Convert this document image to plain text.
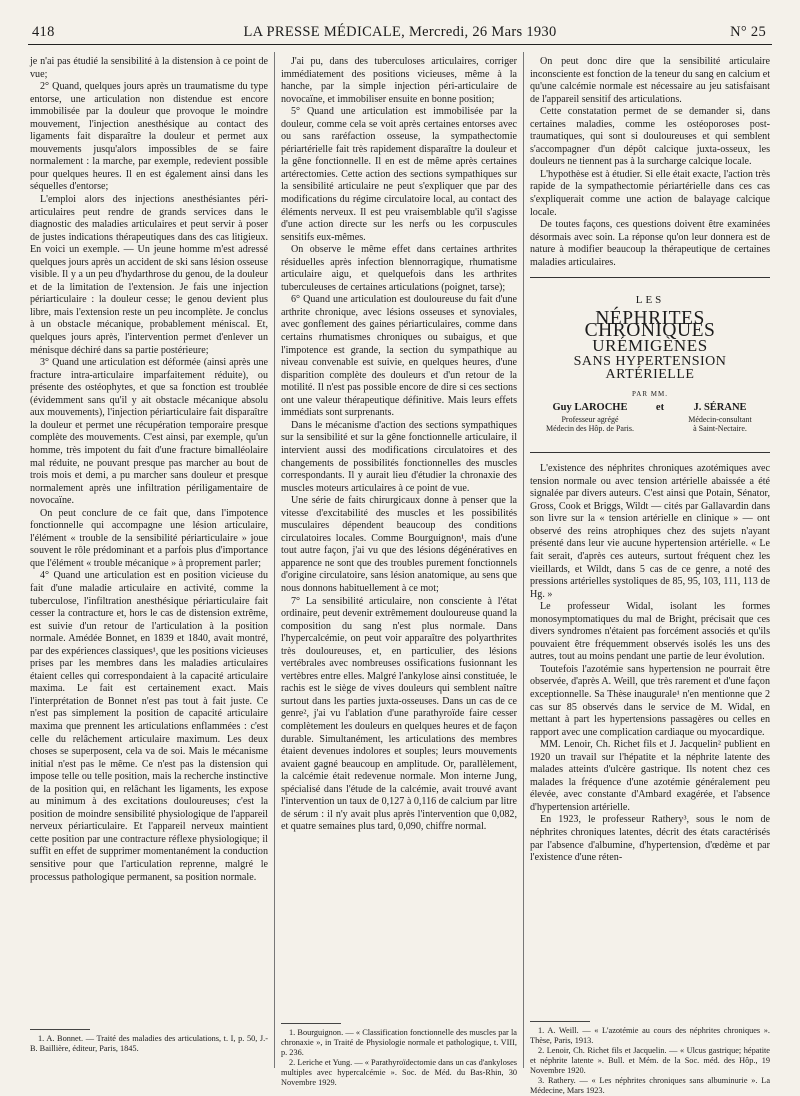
418	LA PRESSE MÉDICALE, Mercredi, 26 Mars 1930	N° 25

je n'ai pas étudié la sensibilité à la distension à ce point de vue;

2° Quand, quelques jours après un traumatisme du type entorse, une articulation non distendue est encore immobilisée par la douleur que provoque le moindre mouvement, l'injection anesthésique au contact des ligaments fait disparaître la douleur et permet aux mouvements jusqu'alors impossibles de se faire normalement : la marche, par exemple, redevient possible pour quelques heures. Il en est également ainsi dans les séquelles d'entorse;

L'emploi alors des injections anesthésiantes péri-articulaires peut rendre de grands services dans le diagnostic des maladies articulaires et peut servir à poser de justes indications thérapeutiques dans des cas litigieux. En voici un exemple. — Un jeune homme m'est adressé quelques jours après un accident de ski sans lésion osseuse visible. Il y a un peu d'hydarthrose du genou, de la douleur et de la limitation de l'extension. Je fais une injection périarticulaire : la douleur cesse; le genou devient plus libre, mais l'extension reste un peu incomplète. Je conclus à un obstacle mécanique, probablement méniscal. Et, quelques jours après, l'intervention permet d'enlever un ménisque déchiré dans sa partie postérieure;

3° Quand une articulation est déformée (ainsi après une fracture intra-articulaire imparfaitement réduite), ou présente des ostéophytes, et que sa fonction est troublée (évidemment sans qu'il y ait obstacle mécanique absolu aux mouvements), l'injection périarticulaire fait disparaître la douleur et permet une récupération temporaire presque complète des mouvements. C'est ainsi, par exemple, qu'un homme, très impotent du fait d'une fracture bimalléolaire mal réduite, ne pouvant presque pas marcher au bout de trois mois et demi, a pu marcher sans douleur et presque normalement après une infiltration périligamentaire de novocaïne.

On peut conclure de ce fait que, dans l'impotence fonctionnelle qui accompagne une lésion articulaire, l'élément « trouble de la sensibilité périarticulaire » joue souvent le rôle prédominant et a parfois plus d'importance que l'élément « trouble mécanique » à proprement parler;

4° Quand une articulation est en position vicieuse du fait d'une maladie articulaire en activité, comme la tuberculose, l'infiltration anesthésique périarticulaire fait cesser la contracture et, hors le cas de distension extrême, est suivie d'un retour de l'articulation à la position normale. Amédée Bonnet, en 1839 et 1840, avait montré, par des expériences classiques¹, que les positions vicieuses prises par les membres dans les maladies articulaires étaient celles qui correspondaient à la capacité articulaire maxima. Le fait est certainement exact. Mais l'interprétation de Bonnet n'est pas tout à fait juste. Ce n'est pas simplement la position de capacité articulaire maxima que prennent les articulations enflammées : c'est celle du relâchement articulaire maximum. Les deux choses se superposent, cela va de soi. Mais le mécanisme initial n'est pas le même. Ce n'est pas la distension qui impose telle ou telle position, mais la recherche instinctive de la position qui, en relâchant les ligaments, les expose au minimum à des excitations douloureuses; c'est la position de moindre sensibilité physiologique de l'appareil nerveux périarticulaire. Et l'appareil nerveux maintient cette position par une contracture réflexe physiologique; il suffit en effet de supprimer momentanément la conduction sensitive pour que l'articulation reprenne, malgré le processus pathologique permanent, sa position normale.

1. A. Bonnet. — Traité des maladies des articulations, t. I, p. 50, J.-B. Baillière, éditeur, Paris, 1845.

J'ai pu, dans des tuberculoses articulaires, corriger immédiatement des positions vicieuses, même à la hanche, par la simple injection péri-articulaire de novocaïne, et immobiliser ensuite en bonne position;

5° Quand une articulation est immobilisée par la douleur, comme cela se voit après certaines entorses avec ou sans raréfaction osseuse, la sympathectomie périartérielle fait très rapidement disparaître la douleur et la gêne fonctionnelle. Il en est de même après certaines artérectomies. Cette action des sections sympathiques sur la sensibilité articulaire ne peut s'expliquer que par des modifications du régime circulatoire local, au contact des éléments nerveux. Il est peu vraisemblable qu'il s'agisse d'une action directe sur les nerfs ou les corpuscules sensitifs eux-mêmes.

On observe le même effet dans certaines arthrites résiduelles après infection blennorragique, rhumatisme articulaire aigu, et quelquefois dans les arthrites tuberculeuses de certaines articulations (poignet, tarse);

6° Quand une articulation est douloureuse du fait d'une arthrite chronique, avec lésions osseuses et synoviales, avec gonflement des gaines périarticulaires, comme dans certains rhumatismes chroniques ou subaigus, et que l'impotence est grande, la section du sympathique au niveau convenable est suivie, en quelques heures, d'une disparition complète des douleurs et d'un retour de la motilité. Il n'est pas possible encore de dire si ces sections ont une valeur thérapeutique définitive. Mais leurs effets immédiats sont surprenants.

Dans le mécanisme d'action des sections sympathiques sur la sensibilité et sur la gêne fonctionnelle articulaire, il intervient aussi des modifications circulatoires et des changements de possibilités fonctionnelles des muscles correspondants. Il y aurait lieu d'étudier la chronaxie des muscles moteurs articulaires à ce point de vue.

Une série de faits chirurgicaux donne à penser que la vitesse d'excitabilité des muscles et les possibilités musculaires dépendent beaucoup des conditions circulatoires locales. Comme Bourguignon¹, mais d'une tout autre façon, j'ai vu que des lésions dégénératives en apparence ne sont que des troubles purement fonctionnels d'origine circulatoire, sans lésion anatomique, au sens que nous donnons habituellement à ce mot;

7° La sensibilité articulaire, non consciente à l'état ordinaire, peut devenir extrêmement douloureuse quand la composition du sang n'est plus normale. Dans l'hypercalcémie, on peut voir apparaître des polyarthrites très douloureuses, et, en particulier, des lésions vertébrales avec nombreuses ossifications fusionnant les vertèbres entre elles. Malgré l'ankylose ainsi constituée, le rachis est le siège de vives douleurs qui semblent naître surtout dans les parties juxta-osseuses. Dans un cas de ce genre², j'ai vu l'ablation d'une parathyroïde faire cesser complètement les douleurs en quelques heures et de façon durable. Simultanément, les articulations des membres étaient devenues indolores et souples; leurs mouvements avaient gagné beaucoup en amplitude. Or, parallèlement, la calcémie était redevenue normale. Mon interne Jung, spécialisé dans l'étude de la calcémie, avait trouvé avant l'intervention un taux de 0,127 à 0,116 de calcium par litre de sérum : il n'y avait plus après l'intervention que 0,082, et quatre semaines plus tard, 0,090, chiffre normal.

1. Bourguignon. — « Classification fonctionnelle des muscles par la chronaxie », in Traité de Physiologie normale et pathologique, t. VIII, p. 236.

2. Leriche et Yung. — « Parathyroïdectomie dans un cas d'ankyloses multiples avec hypercalcémie ». Soc. de Méd. du Bas-Rhin, 30 Novembre 1929.

On peut donc dire que la sensibilité articulaire inconsciente est fonction de la teneur du sang en calcium et qu'une calcémie normale est nécessaire au jeu satisfaisant de l'appareil sensitif des articulations.

Cette constatation permet de se demander si, dans certaines maladies, comme les ostéoporoses post-traumatiques, qui sont si douloureuses et qui semblent s'accompagner d'un dépôt calcique juxta-osseux, les douleurs ne tiennent pas à la surcharge calcique locale.

L'hypothèse est à étudier. Si elle était exacte, l'action très rapide de la sympathectomie périartérielle dans ces cas s'expliquerait comme une action de balayage calcique locale.

De toutes façons, ces questions doivent être examinées désormais avec soin. La réponse qu'on leur donnera est de nature à modifier beaucoup la thérapeutique de certaines maladies articulaires.

LES
NÉPHRITES CHRONIQUES
URÉMIGÈNES
SANS HYPERTENSION ARTÉRIELLE
PAR MM.
Guy LAROCHE
Professeur agrégé
Médecin des Hôp. de Paris.
et	J. SÉRANE
Médecin-consultant
à Saint-Nectaire.

L'existence des néphrites chroniques azotémiques avec tension normale ou avec tension artérielle abaissée a été signalée par divers auteurs. C'est ainsi que Potain, Sénator, Gross, Cook et Briggs, Wildt — cités par Gallavardin dans son livre sur la « tension artérielle en clinique » — ont observé des reins atrophiques chez des sujets n'ayant présenté dans leur vie aucune hypertension artérielle. « Le fait serait, d'après ces auteurs, surtout fréquent chez les vieillards, et Wildt, dans 5 cas de ce genre, a noté des pressions artérielles systoliques de 85, 95, 103, 111, 113 de Hg. »

Le professeur Widal, isolant les formes monosymptomatiques du mal de Bright, précisait que ces divers syndromes n'étaient pas forcément associés et qu'ils pouvaient être fréquemment observés isolés les uns des autres, tout au moins pendant une partie de leur évolution.

Toutefois l'azotémie sans hypertension ne pourrait être observée, d'après A. Weill, que très rarement et d'une façon exceptionnelle. Sa Thèse inaugurale¹ n'en mentionne que 2 cas sur 85 observés dans le service de M. Widal, en mettant à part les hypertensions passagères ou celles en rapport avec une complication cardiaque ou myocardique.

MM. Lenoir, Ch. Richet fils et J. Jacquelin² publient en 1920 un travail sur l'hépatite et la néphrite latente des malades atteints d'ulcère gastrique. Ils notent chez ces malades la fréquence d'une azotémie généralement peu élevée, avec constante d'Ambard exagérée, et l'absence d'hypertension artérielle.

En 1923, le professeur Rathery³, sous le nom de néphrites chroniques latentes, décrit des états caractérisés par l'absence d'albumine, d'hypertension, d'œdème et par l'existence d'une réten-

1. A. Weill. — « L'azotémie au cours des néphrites chroniques ». Thèse, Paris, 1913.

2. Lenoir, Ch. Richet fils et Jacquelin. — « Ulcus gastrique; hépatite et néphrite latente ». Bull. et Mém. de la Soc. méd. des Hôp., 19 Novembre 1920.

3. Rathery. — « Les néphrites chroniques sans albuminurie ». La Médecine, Mars 1923.
